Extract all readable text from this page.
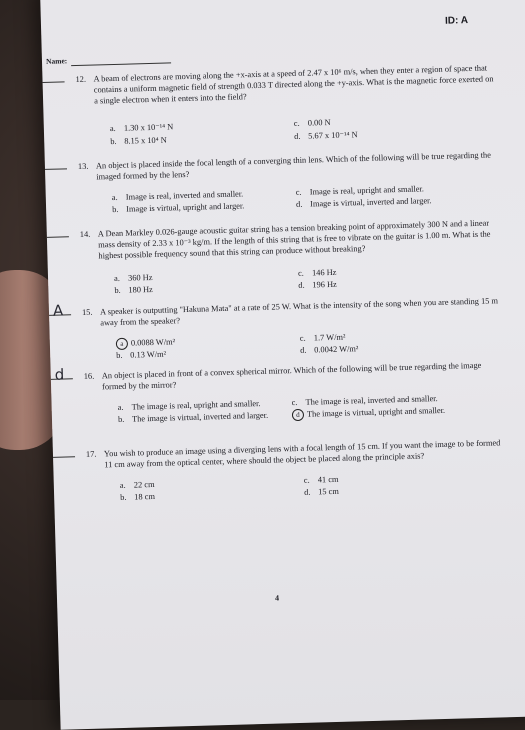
ID: A
Name:
12. A beam of electrons are moving along the +x-axis at a speed of 2.47 x 10⁶ m/s, when they enter a region of space that contains a uniform magnetic field of strength 0.033 T directed along the +y-axis. What is the magnetic force exerted on a single electron when it enters into the field?
a. 1.30 x 10⁻¹⁴ N	c. 0.00 N
b. 8.15 x 10⁴ N	d. 5.67 x 10⁻¹⁴ N
13. An object is placed inside the focal length of a converging thin lens. Which of the following will be true regarding the imaged formed by the lens?
a. Image is real, inverted and smaller.	c. Image is real, upright and smaller.
b. Image is virtual, upright and larger.	d. Image is virtual, inverted and larger.
14. A Dean Markley 0.026-gauge acoustic guitar string has a tension breaking point of approximately 300 N and a linear mass density of 2.33 x 10⁻³ kg/m. If the length of this string that is free to vibrate on the guitar is 1.00 m. What is the highest possible frequency sound that this string can produce without breaking?
a. 360 Hz	c. 146 Hz
b. 180 Hz	d. 196 Hz
A 15. A speaker is outputting "Hakuna Mata" at a rate of 25 W. What is the intensity of the song when you are standing 15 m away from the speaker?
a 0.0088 W/m²	c. 1.7 W/m²
b. 0.13 W/m²	d. 0.0042 W/m²
d 16. An object is placed in front of a convex spherical mirror. Which of the following will be true regarding the image formed by the mirror?
a. The image is real, upright and smaller.	c. The image is real, inverted and smaller.
b. The image is virtual, inverted and larger.	d The image is virtual, upright and smaller.
17. You wish to produce an image using a diverging lens with a focal length of 15 cm. If you want the image to be formed 11 cm away from the optical center, where should the object be placed along the principle axis?
a. 22 cm	c. 41 cm
b. 18 cm	d. 15 cm
4
